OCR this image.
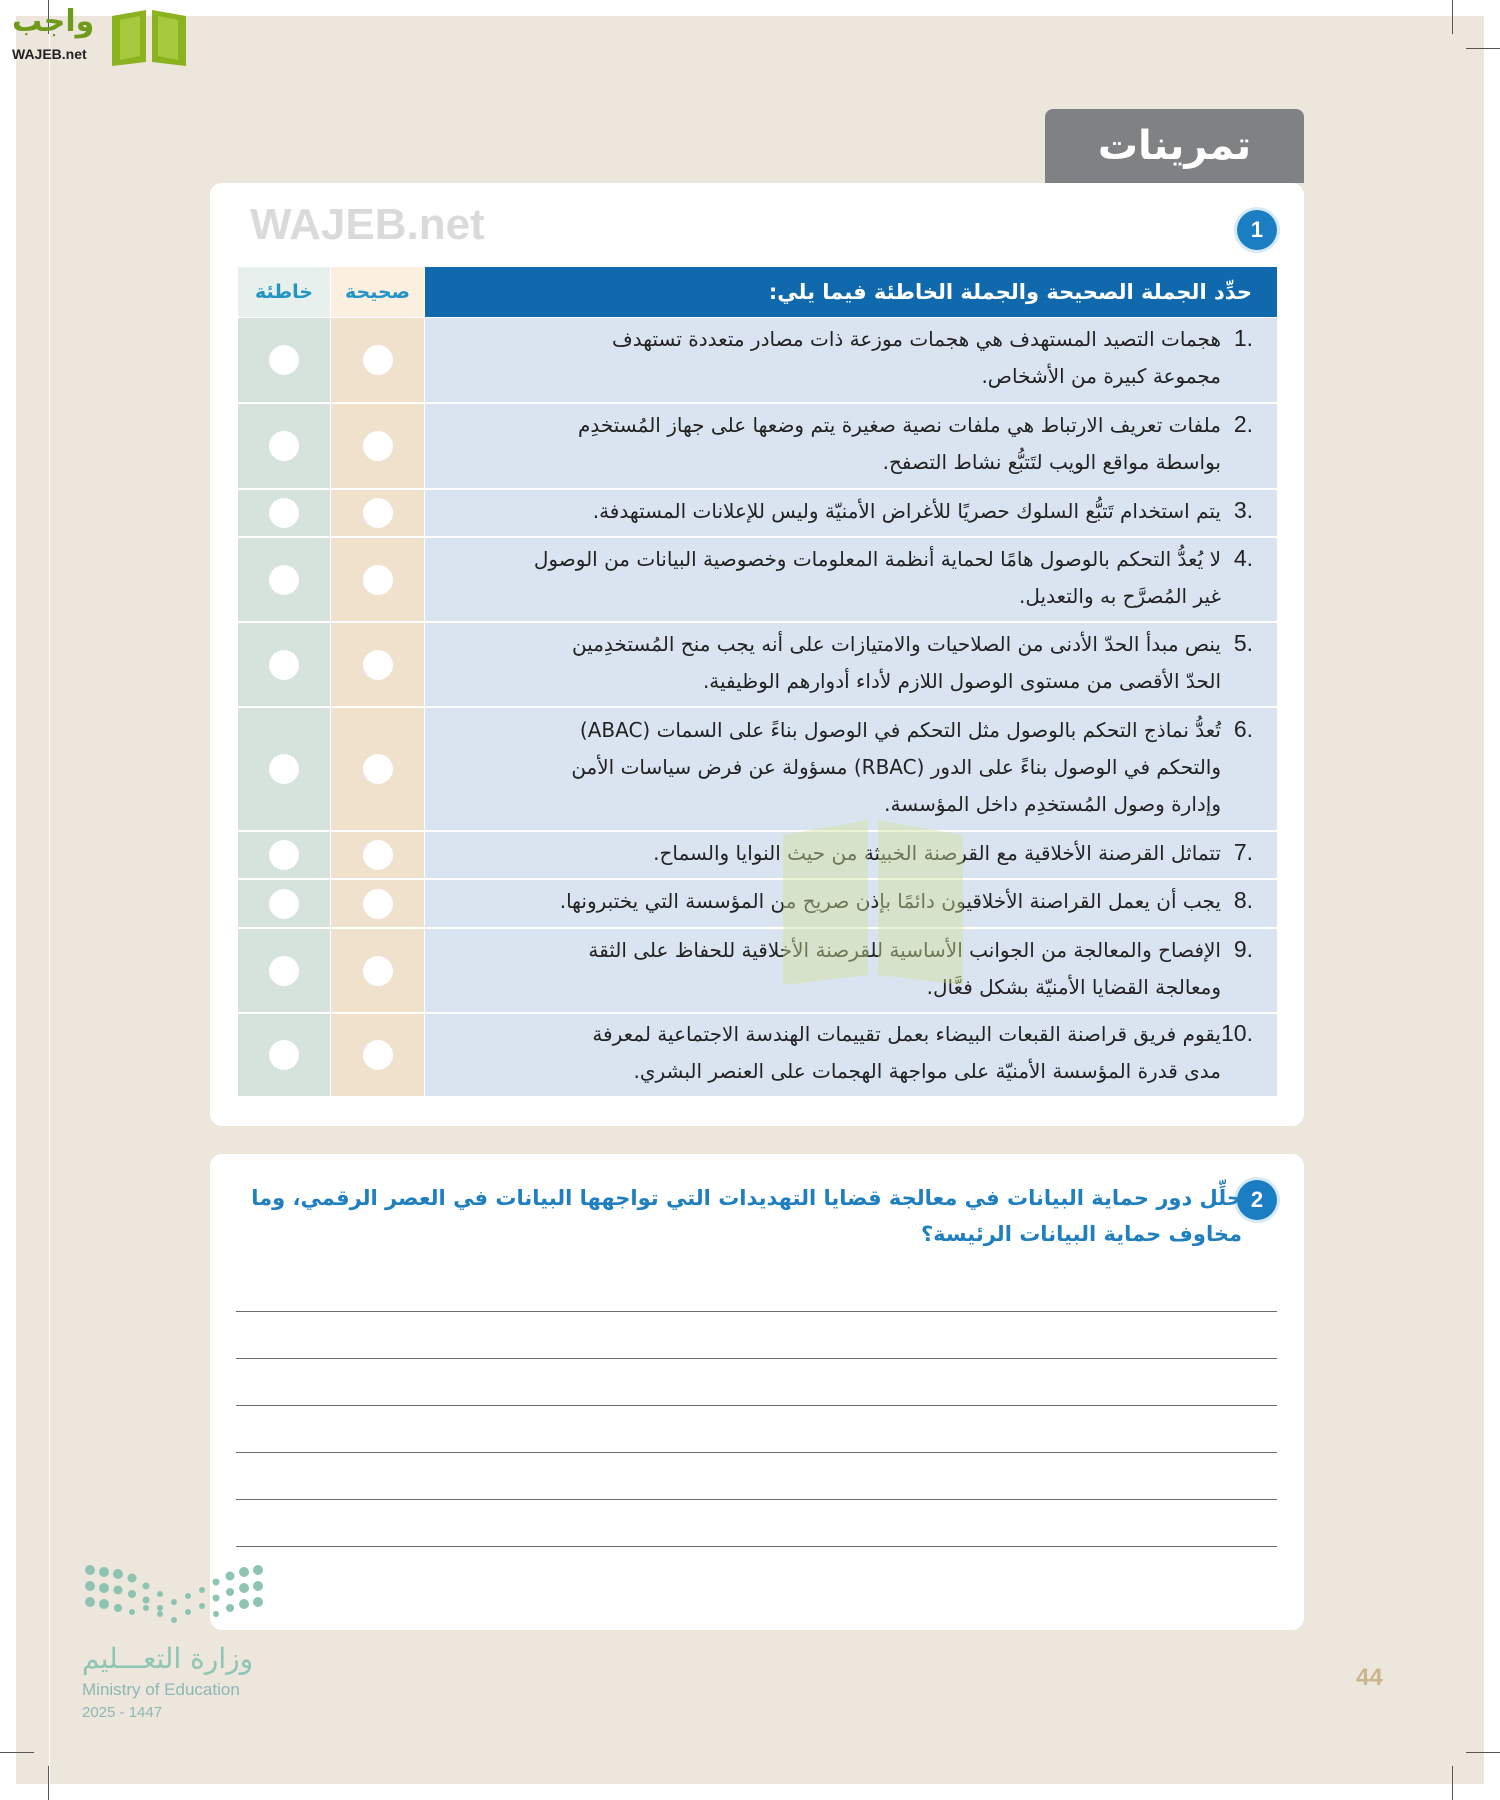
واجب
WAJEB.net
تمرينات
1
حدِّد الجملة الصحيحة والجملة الخاطئة فيما يلي:
صحيحة
خاطئة
1.
هجمات التصيد المستهدف هي هجمات موزعة ذات مصادر متعددة تستهدف
مجموعة كبيرة من الأشخاص.
2.
ملفات تعريف الارتباط هي ملفات نصية صغيرة يتم وضعها على جهاز المُستخدِم
بواسطة مواقع الويب لتَتبُّع نشاط التصفح.
3.
يتم استخدام تَتبُّع السلوك حصريًا للأغراض الأمنيّة وليس للإعلانات المستهدفة.
4.
لا يُعدُّ التحكم بالوصول هامًا لحماية أنظمة المعلومات وخصوصية البيانات من الوصول
غير المُصرَّح به والتعديل.
5.
ينص مبدأ الحدّ الأدنى من الصلاحيات والامتيازات على أنه يجب منح المُستخدِمين
الحدّ الأقصى من مستوى الوصول اللازم لأداء أدوارهم الوظيفية.
6.
تُعدُّ نماذج التحكم بالوصول مثل التحكم في الوصول بناءً على السمات (ABAC)
والتحكم في الوصول بناءً على الدور (RBAC) مسؤولة عن فرض سياسات الأمن
وإدارة وصول المُستخدِم داخل المؤسسة.
7.
تتماثل القرصنة الأخلاقية مع القرصنة الخبيثة من حيث النوايا والسماح.
8.
يجب أن يعمل القراصنة الأخلاقيون دائمًا بإذن صريح من المؤسسة التي يختبرونها.
9.
الإفصاح والمعالجة من الجوانب الأساسية للقرصنة الأخلاقية للحفاظ على الثقة
ومعالجة القضايا الأمنيّة بشكل فعَّال.
10.
يقوم فريق قراصنة القبعات البيضاء بعمل تقييمات الهندسة الاجتماعية لمعرفة
مدى قدرة المؤسسة الأمنيّة على مواجهة الهجمات على العنصر البشري.
WAJEB.net
2
حلِّل دور حماية البيانات في معالجة قضايا التهديدات التي تواجهها البيانات في العصر الرقمي، وما
مخاوف حماية البيانات الرئيسة؟
وزارة التعـــليم
Ministry of Education
2025 - 1447
44
